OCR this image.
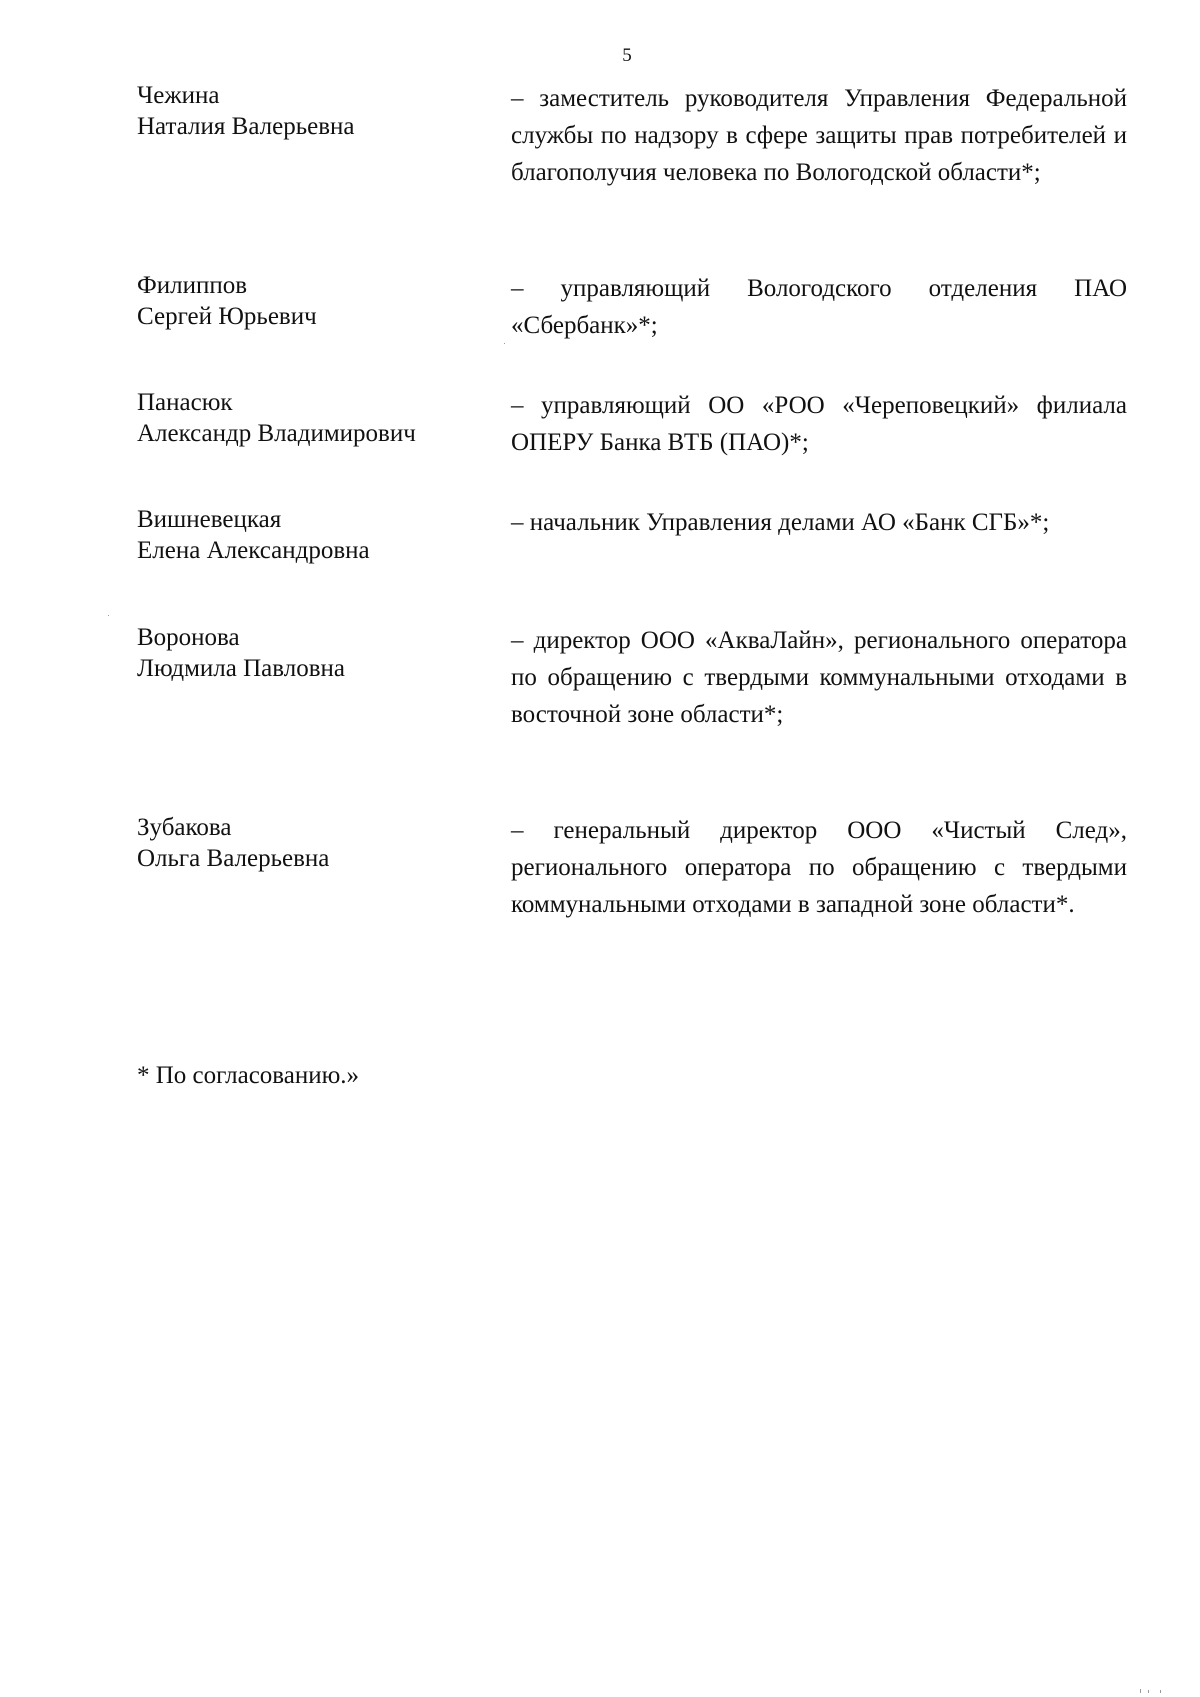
5
Чежина
Наталия Валерьевна
– заместитель руководителя Управления Федеральной службы по надзору в сфере защиты прав потребителей и благополучия человека по Вологодской области*;
Филиппов
Сергей Юрьевич
– управляющий Вологодского отделения ПАО «Сбербанк»*;
Панасюк
Александр Владимирович
– управляющий ОО «РОО «Череповецкий» филиала ОПЕРУ Банка ВТБ (ПАО)*;
Вишневецкая
Елена Александровна
– начальник Управления делами АО «Банк СГБ»*;
Воронова
Людмила Павловна
– директор ООО «АкваЛайн», регионального оператора по обращению с твердыми коммунальными отходами в восточной зоне области*;
Зубакова
Ольга Валерьевна
– генеральный директор ООО «Чистый След», регионального оператора по обращению с твердыми коммунальными отходами в западной зоне области*.
* По согласованию.»
